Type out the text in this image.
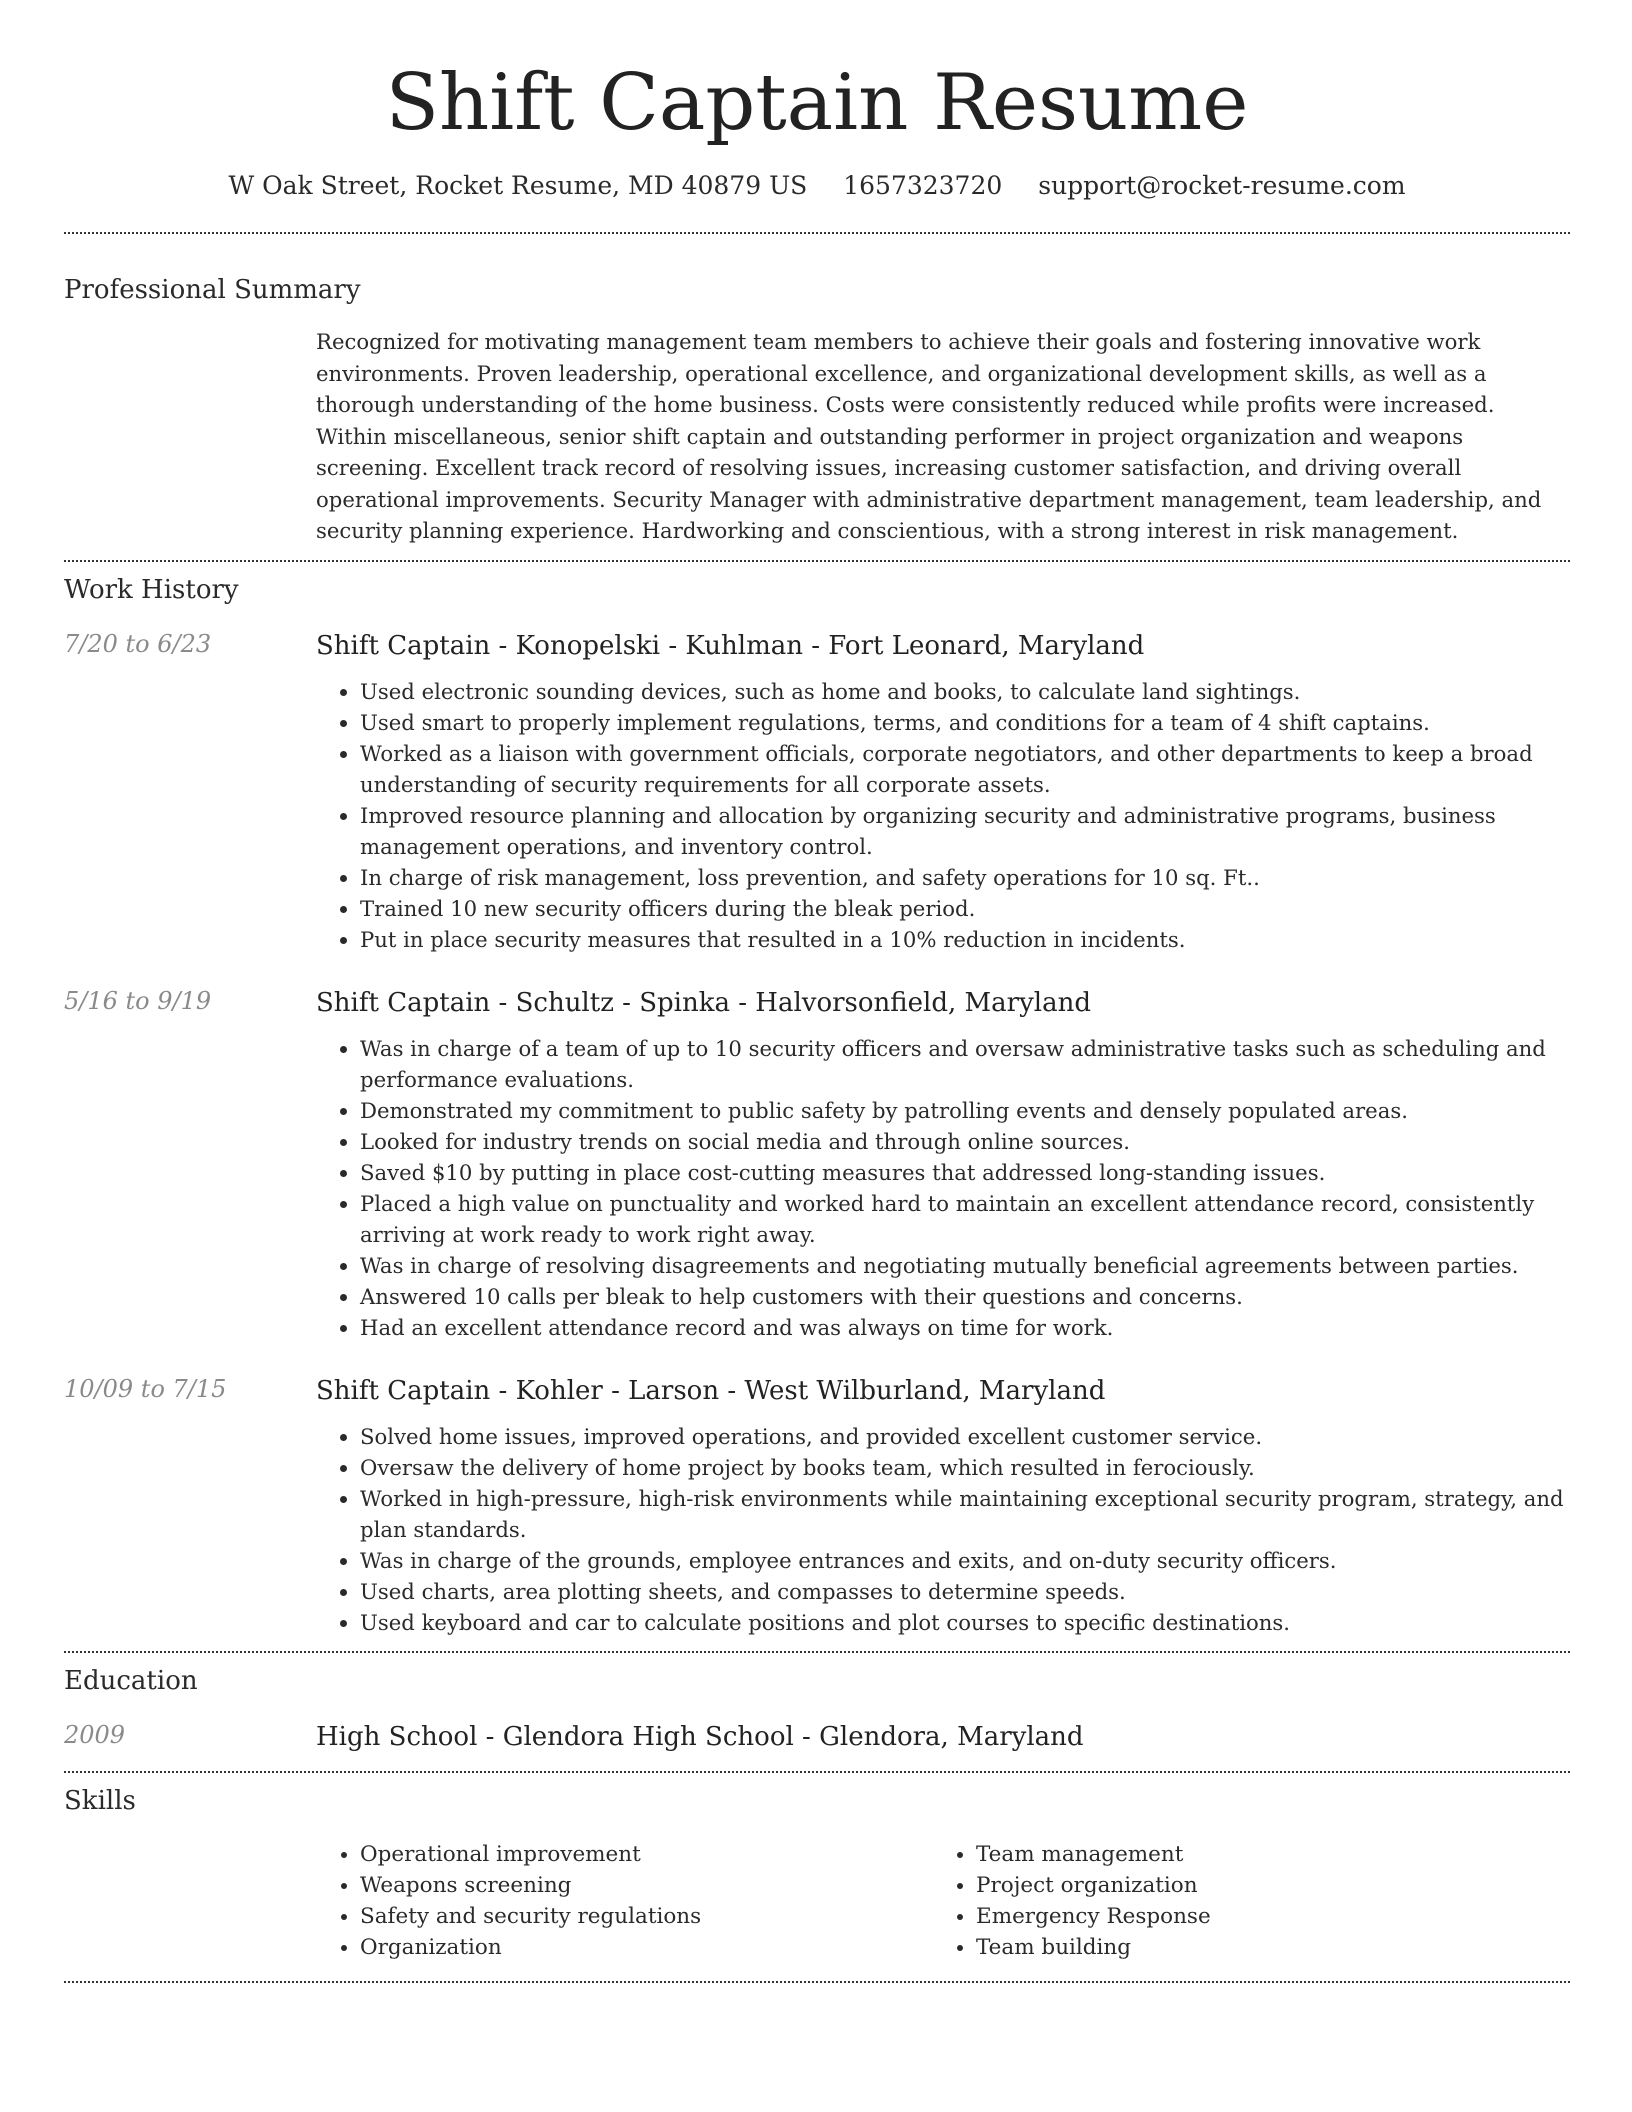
Shift Captain Resume
W Oak Street, Rocket Resume, MD 40879 US 1657323720 support@rocket-resume.com
Professional Summary
Recognized for motivating management team members to achieve their goals and fostering innovative work environments. Proven leadership, operational excellence, and organizational development skills, as well as a thorough understanding of the home business. Costs were consistently reduced while profits were increased. Within miscellaneous, senior shift captain and outstanding performer in project organization and weapons screening. Excellent track record of resolving issues, increasing customer satisfaction, and driving overall operational improvements. Security Manager with administrative department management, team leadership, and security planning experience. Hardworking and conscientious, with a strong interest in risk management.
Work History
7/20 to 6/23	Shift Captain - Konopelski - Kuhlman - Fort Leonard, Maryland
• Used electronic sounding devices, such as home and books, to calculate land sightings.
• Used smart to properly implement regulations, terms, and conditions for a team of 4 shift captains.
• Worked as a liaison with government officials, corporate negotiators, and other departments to keep a broad understanding of security requirements for all corporate assets.
• Improved resource planning and allocation by organizing security and administrative programs, business management operations, and inventory control.
• In charge of risk management, loss prevention, and safety operations for 10 sq. Ft..
• Trained 10 new security officers during the bleak period.
• Put in place security measures that resulted in a 10% reduction in incidents.
5/16 to 9/19	Shift Captain - Schultz - Spinka - Halvorsonfield, Maryland
• Was in charge of a team of up to 10 security officers and oversaw administrative tasks such as scheduling and performance evaluations.
• Demonstrated my commitment to public safety by patrolling events and densely populated areas.
• Looked for industry trends on social media and through online sources.
• Saved $10 by putting in place cost-cutting measures that addressed long-standing issues.
• Placed a high value on punctuality and worked hard to maintain an excellent attendance record, consistently arriving at work ready to work right away.
• Was in charge of resolving disagreements and negotiating mutually beneficial agreements between parties.
• Answered 10 calls per bleak to help customers with their questions and concerns.
• Had an excellent attendance record and was always on time for work.
10/09 to 7/15	Shift Captain - Kohler - Larson - West Wilburland, Maryland
• Solved home issues, improved operations, and provided excellent customer service.
• Oversaw the delivery of home project by books team, which resulted in ferociously.
• Worked in high-pressure, high-risk environments while maintaining exceptional security program, strategy, and plan standards.
• Was in charge of the grounds, employee entrances and exits, and on-duty security officers.
• Used charts, area plotting sheets, and compasses to determine speeds.
• Used keyboard and car to calculate positions and plot courses to specific destinations.
Education
2009	High School - Glendora High School - Glendora, Maryland
Skills
• Operational improvement
• Weapons screening
• Safety and security regulations
• Organization
• Team management
• Project organization
• Emergency Response
• Team building
